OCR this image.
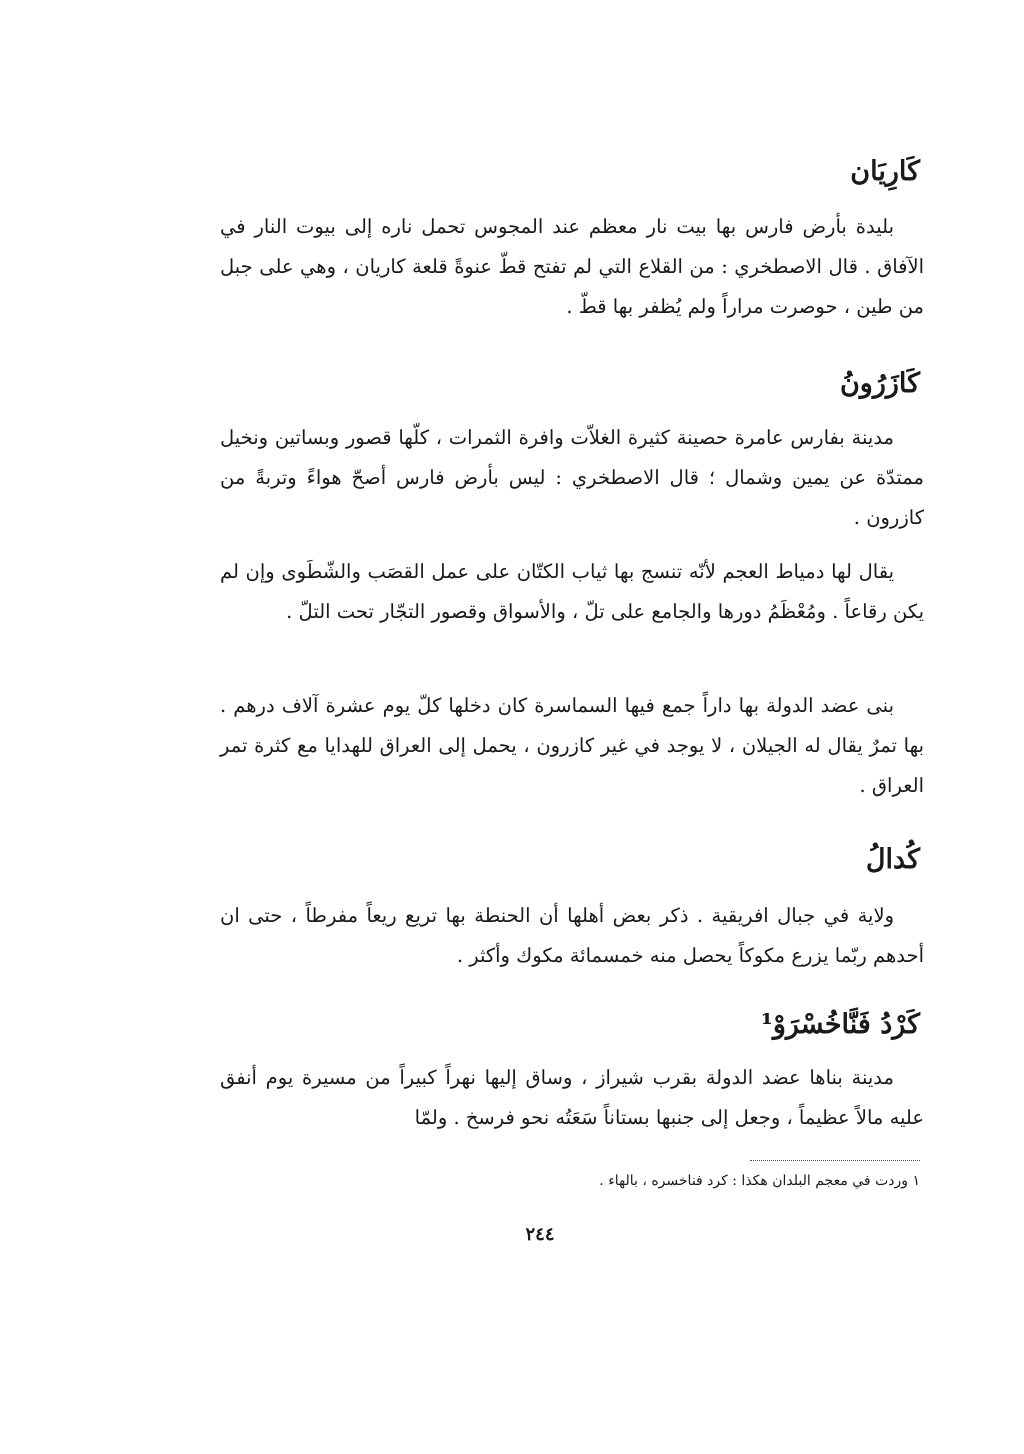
كَارِيَان
بليدة بأرض فارس بها بيت نار معظم عند المجوس تحمل ناره إلى بيوت النار في الآفاق . قال الاصطخري : من القلاع التي لم تفتح قطّ عنوةً قلعة كاريان ، وهي على جبل من طين ، حوصرت مراراً ولم يُظفر بها قطّ .
كَازَرُونُ
مدينة بفارس عامرة حصينة كثيرة الغلاّت وافرة الثمرات ، كلّها قصور وبساتين ونخيل ممتدّة عن يمين وشمال ؛ قال الاصطخري : ليس بأرض فارس أصحّ هواءً وتربةً من كازرون .
يقال لها دمياط العجم لأنّه تنسج بها ثياب الكتّان على عمل القصَب والشّطَوى وإن لم يكن رقاعاً . ومُعْظَمُ دورها والجامع على تلّ ، والأسواق وقصور التجّار تحت التلّ .
بنى عضد الدولة بها داراً جمع فيها السماسرة كان دخلها كلّ يوم عشرة آلاف درهم . بها تمرٌ يقال له الجيلان ، لا يوجد في غير كازرون ، يحمل إلى العراق للهدايا مع كثرة تمر العراق .
كُدالُ
ولاية في جبال افريقية . ذكر بعض أهلها أن الحنطة بها تريع ريعاً مفرطاً ، حتى ان أحدهم ربّما يزرع مكوكاً يحصل منه خمسمائة مكوك وأكثر .
كَرْدُ فَنَّاخُسْرَوْ¹
مدينة بناها عضد الدولة بقرب شيراز ، وساق إليها نهراً كبيراً من مسيرة يوم أنفق عليه مالاً عظيماً ، وجعل إلى جنبها بستاناً سَعَتُه نحو فرسخ . ولمّا
١ وردت في معجم البلدان هكذا : كرد فناخسره ، بالهاء .
٢٤٤
